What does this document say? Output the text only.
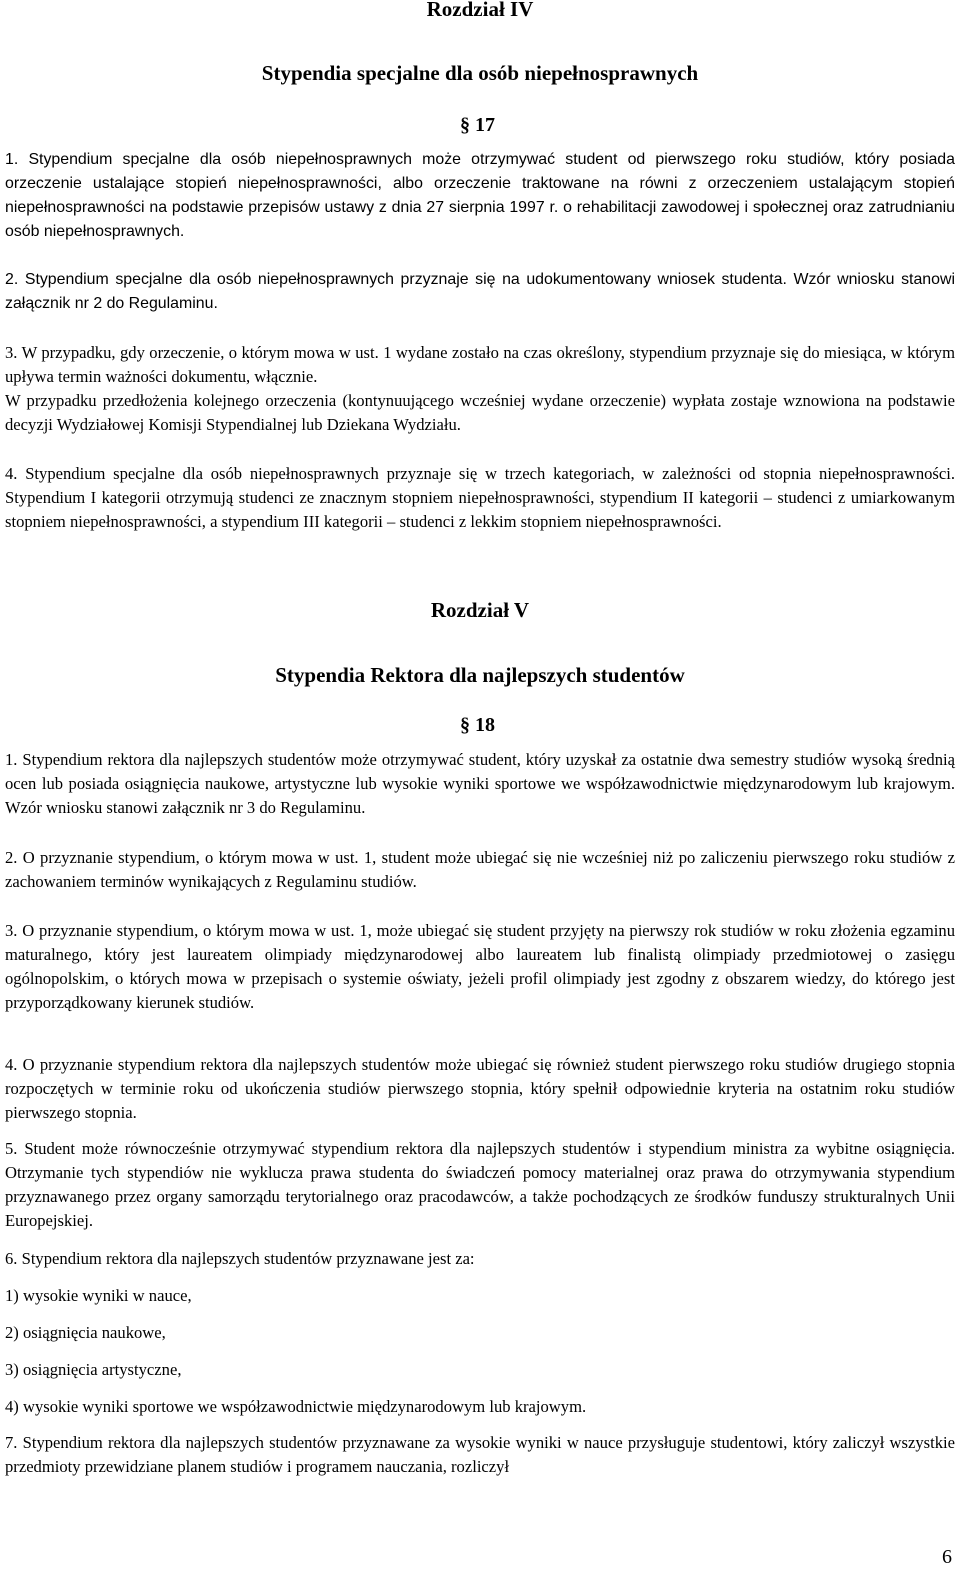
Rozdział IV
Stypendia specjalne dla osób niepełnosprawnych
§ 17

1. Stypendium specjalne dla osób niepełnosprawnych może otrzymywać student od pierwszego roku studiów, który posiada orzeczenie ustalające stopień niepełnosprawności, albo orzeczenie traktowane na równi z orzeczeniem ustalającym stopień niepełnosprawności na podstawie przepisów ustawy z dnia 27 sierpnia 1997 r. o rehabilitacji zawodowej i społecznej oraz zatrudnianiu osób niepełnosprawnych.

2. Stypendium specjalne dla osób niepełnosprawnych przyznaje się na udokumentowany wniosek studenta. Wzór wniosku stanowi załącznik nr 2 do Regulaminu.

3. W przypadku, gdy orzeczenie, o którym mowa w ust. 1 wydane zostało na czas określony, stypendium przyznaje się do miesiąca, w którym upływa termin ważności dokumentu, włącznie.

W przypadku przedłożenia kolejnego orzeczenia (kontynuującego wcześniej wydane orzeczenie) wypłata zostaje wznowiona na podstawie decyzji Wydziałowej Komisji Stypendialnej lub Dziekana Wydziału.

4. Stypendium specjalne dla osób niepełnosprawnych przyznaje się w trzech kategoriach, w zależności od stopnia niepełnosprawności. Stypendium I kategorii otrzymują studenci ze znacznym stopniem niepełnosprawności, stypendium II kategorii – studenci z umiarkowanym stopniem niepełnosprawności, a stypendium III kategorii – studenci z lekkim stopniem niepełnosprawności.

Rozdział V
Stypendia Rektora dla najlepszych studentów
§ 18

1. Stypendium rektora dla najlepszych studentów może otrzymywać student, który uzyskał za ostatnie dwa semestry studiów wysoką średnią ocen lub posiada osiągnięcia naukowe, artystyczne lub wysokie wyniki sportowe we współzawodnictwie międzynarodowym lub krajowym. Wzór wniosku stanowi załącznik nr 3 do Regulaminu.

2. O przyznanie stypendium, o którym mowa w ust. 1, student może ubiegać się nie wcześniej niż po zaliczeniu pierwszego roku studiów z zachowaniem terminów wynikających z Regulaminu studiów.

3. O przyznanie stypendium, o którym mowa w ust. 1, może ubiegać się student przyjęty na pierwszy rok studiów w roku złożenia egzaminu maturalnego, który jest laureatem olimpiady międzynarodowej albo laureatem lub finalistą olimpiady przedmiotowej o zasięgu ogólnopolskim, o których mowa w przepisach o systemie oświaty, jeżeli profil olimpiady jest zgodny z obszarem wiedzy, do którego jest przyporządkowany kierunek studiów.

4. O przyznanie stypendium rektora dla najlepszych studentów może ubiegać się również student pierwszego roku studiów drugiego stopnia rozpoczętych w terminie roku od ukończenia studiów pierwszego stopnia, który spełnił odpowiednie kryteria na ostatnim roku studiów pierwszego stopnia.

5. Student może równocześnie otrzymywać stypendium rektora dla najlepszych studentów i stypendium ministra za wybitne osiągnięcia. Otrzymanie tych stypendiów nie wyklucza prawa studenta do świadczeń pomocy materialnej oraz prawa do otrzymywania stypendium przyznawanego przez organy samorządu terytorialnego oraz pracodawców, a także pochodzących ze środków funduszy strukturalnych Unii Europejskiej.

6. Stypendium rektora dla najlepszych studentów przyznawane jest za:

1) wysokie wyniki w nauce,

2) osiągnięcia naukowe,

3) osiągnięcia artystyczne,

4) wysokie wyniki sportowe we współzawodnictwie międzynarodowym lub krajowym.

7. Stypendium rektora dla najlepszych studentów przyznawane za wysokie wyniki w nauce przysługuje studentowi, który zaliczył wszystkie przedmioty przewidziane planem studiów i programem nauczania, rozliczył

6
